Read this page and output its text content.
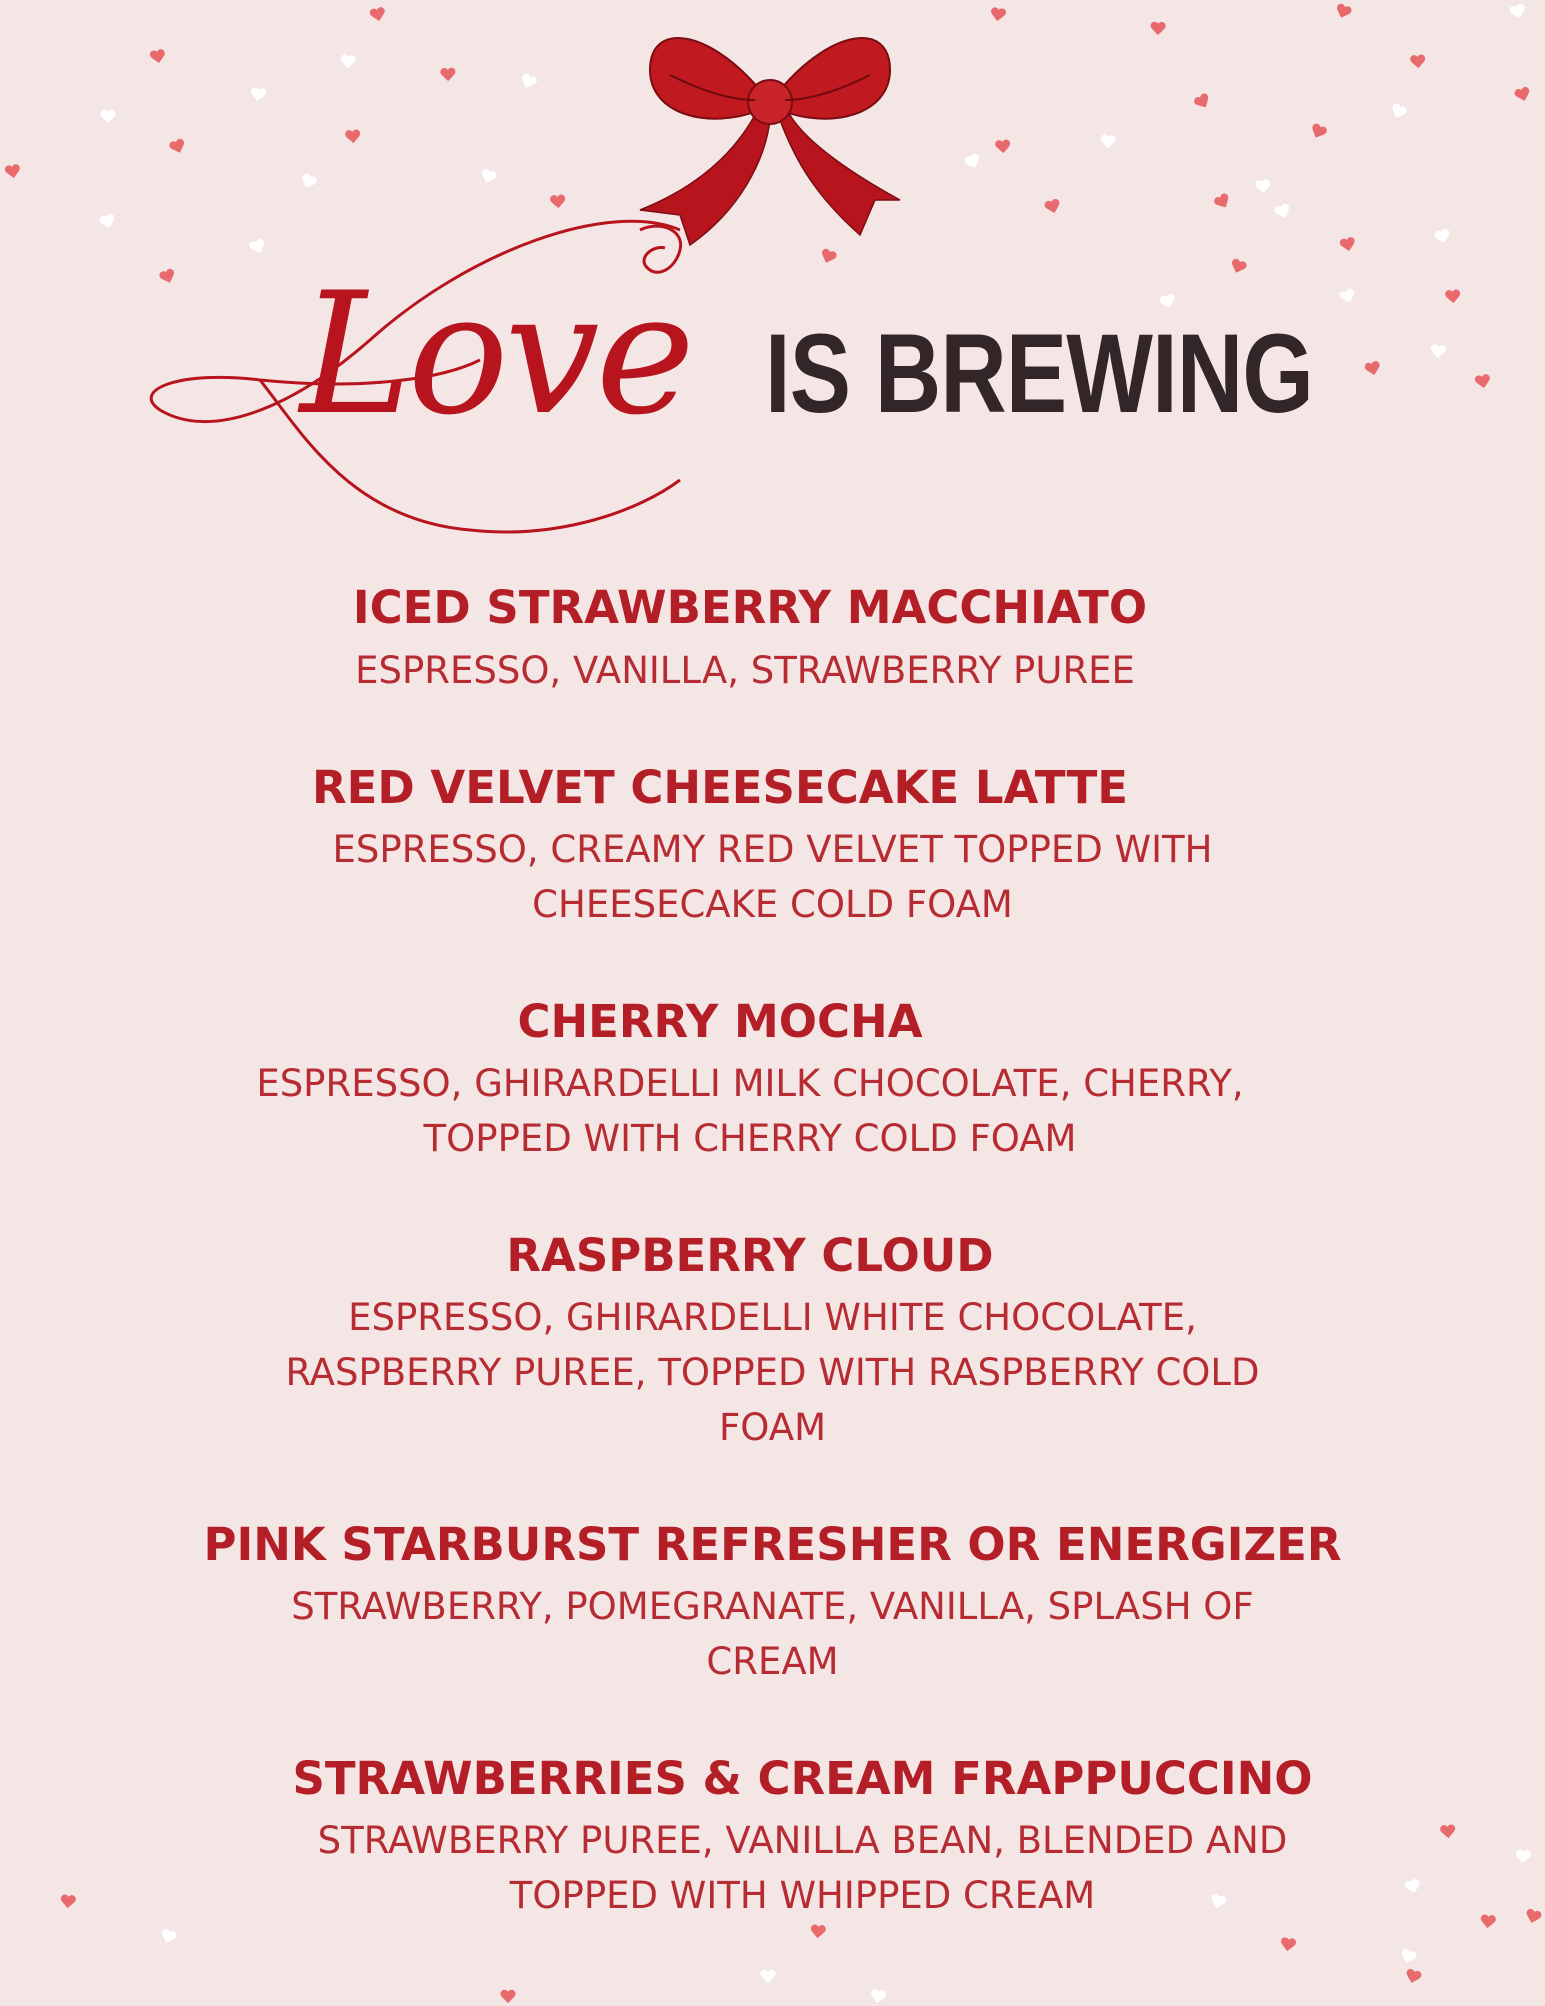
Love IS BREWING
ICED STRAWBERRY MACCHIATO
ESPRESSO, VANILLA, STRAWBERRY PUREE
RED VELVET CHEESECAKE LATTE
ESPRESSO, CREAMY RED VELVET TOPPED WITH
CHEESECAKE COLD FOAM
CHERRY MOCHA
ESPRESSO, GHIRARDELLI MILK CHOCOLATE, CHERRY,
TOPPED WITH CHERRY COLD FOAM
RASPBERRY CLOUD
ESPRESSO, GHIRARDELLI WHITE CHOCOLATE,
RASPBERRY PUREE, TOPPED WITH RASPBERRY COLD
FOAM
PINK STARBURST REFRESHER OR ENERGIZER
STRAWBERRY, POMEGRANATE, VANILLA, SPLASH OF
CREAM
STRAWBERRIES & CREAM FRAPPUCCINO
STRAWBERRY PUREE, VANILLA BEAN, BLENDED AND
TOPPED WITH WHIPPED CREAM
